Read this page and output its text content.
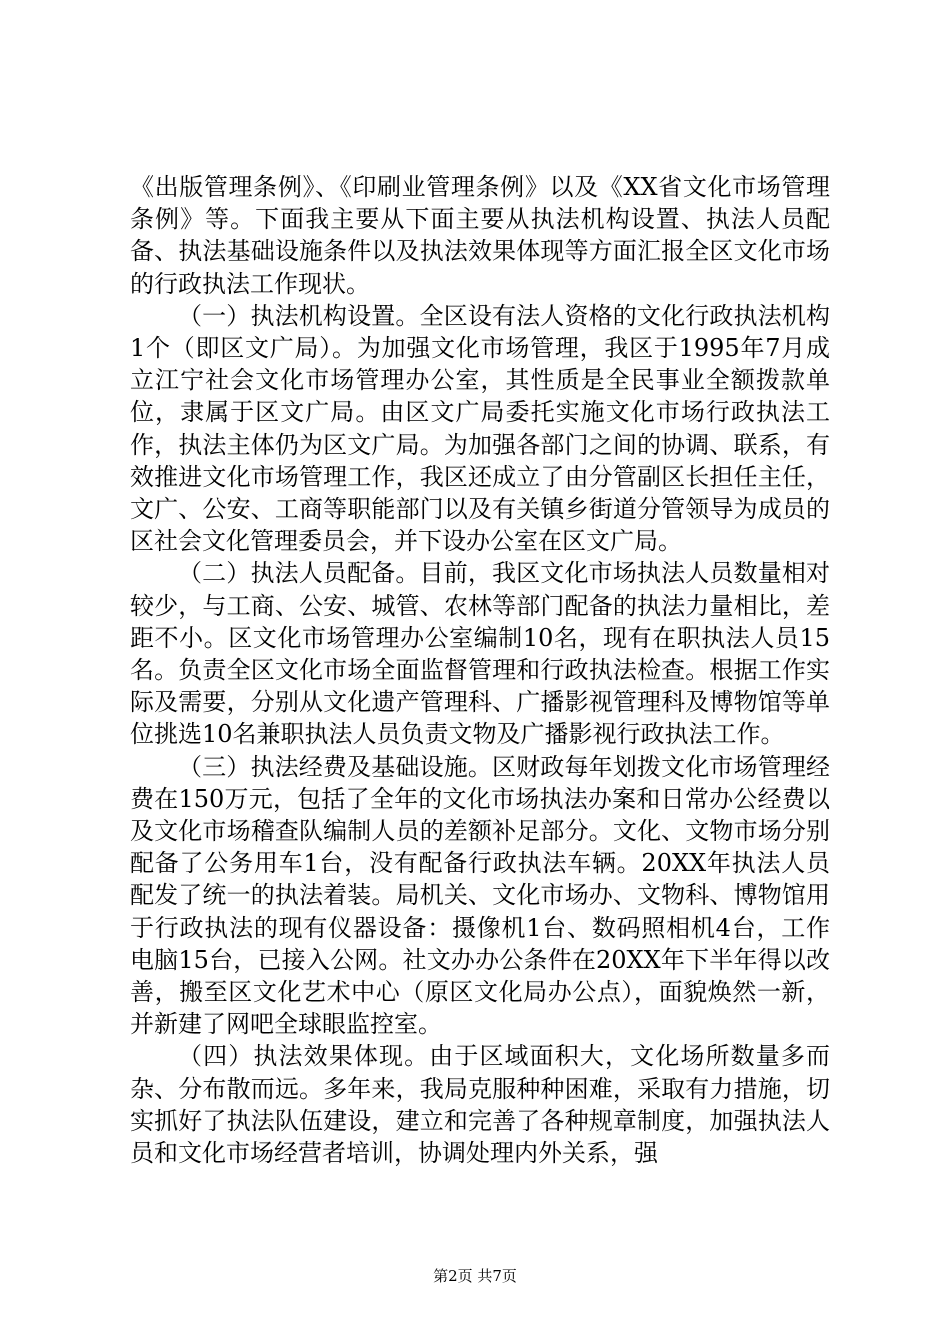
《出版管理条例》、《印刷业管理条例》以及《XX省文化市场管理条例》等。下面我主要从下面主要从执法机构设置、执法人员配备、执法基础设施条件以及执法效果体现等方面汇报全区文化市场的行政执法工作现状。

（一）执法机构设置。全区设有法人资格的文化行政执法机构1个（即区文广局）。为加强文化市场管理，我区于1995年7月成立江宁社会文化市场管理办公室，其性质是全民事业全额拨款单位，隶属于区文广局。由区文广局委托实施文化市场行政执法工作，执法主体仍为区文广局。为加强各部门之间的协调、联系，有效推进文化市场管理工作，我区还成立了由分管副区长担任主任，文广、公安、工商等职能部门以及有关镇乡街道分管领导为成员的区社会文化管理委员会，并下设办公室在区文广局。

（二）执法人员配备。目前，我区文化市场执法人员数量相对较少，与工商、公安、城管、农林等部门配备的执法力量相比，差距不小。区文化市场管理办公室编制10名，现有在职执法人员15名。负责全区文化市场全面监督管理和行政执法检查。根据工作实际及需要，分别从文化遗产管理科、广播影视管理科及博物馆等单位挑选10名兼职执法人员负责文物及广播影视行政执法工作。

（三）执法经费及基础设施。区财政每年划拨文化市场管理经费在150万元，包括了全年的文化市场执法办案和日常办公经费以及文化市场稽查队编制人员的差额补足部分。文化、文物市场分别配备了公务用车1台，没有配备行政执法车辆。20XX年执法人员配发了统一的执法着装。局机关、文化市场办、文物科、博物馆用于行政执法的现有仪器设备：摄像机1台、数码照相机4台，工作电脑15台，已接入公网。社文办办公条件在20XX年下半年得以改善，搬至区文化艺术中心（原区文化局办公点），面貌焕然一新，并新建了网吧全球眼监控室。

（四）执法效果体现。由于区域面积大，文化场所数量多而杂、分布散而远。多年来，我局克服种种困难，采取有力措施，切实抓好了执法队伍建设，建立和完善了各种规章制度，加强执法人员和文化市场经营者培训，协调处理内外关系，强

第2页 共7页
